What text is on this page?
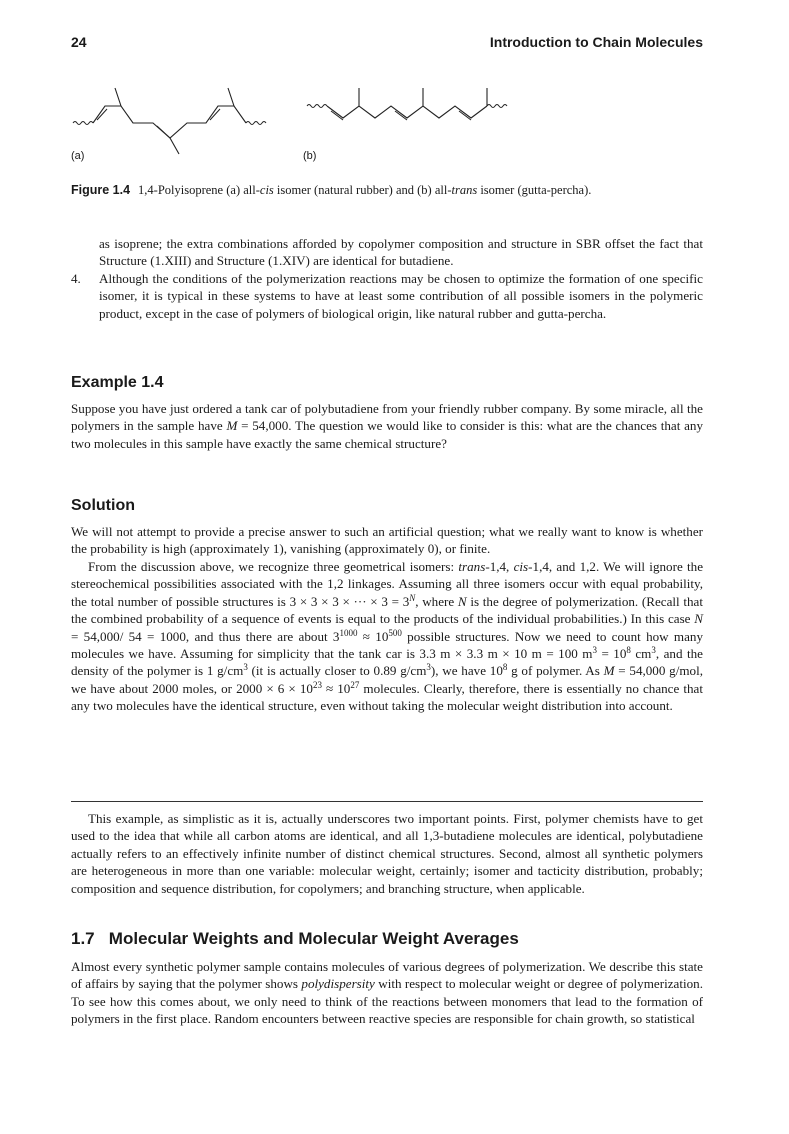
24	Introduction to Chain Molecules
(a)	(b)
Figure 1.4 1,4-Polyisoprene (a) all-cis isomer (natural rubber) and (b) all-trans isomer (gutta-percha).
as isoprene; the extra combinations afforded by copolymer composition and structure in SBR offset the fact that Structure (1.XIII) and Structure (1.XIV) are identical for butadiene.
4. Although the conditions of the polymerization reactions may be chosen to optimize the formation of one specific isomer, it is typical in these systems to have at least some contribution of all possible isomers in the polymeric product, except in the case of polymers of biological origin, like natural rubber and gutta-percha.
Example 1.4

Suppose you have just ordered a tank car of polybutadiene from your friendly rubber company. By some miracle, all the polymers in the sample have M = 54,000. The question we would like to consider is this: what are the chances that any two molecules in this sample have exactly the same chemical structure?

Solution

We will not attempt to provide a precise answer to such an artificial question; what we really want to know is whether the probability is high (approximately 1), vanishing (approximately 0), or finite.

From the discussion above, we recognize three geometrical isomers: trans-1,4, cis-1,4, and 1,2. We will ignore the stereochemical possibilities associated with the 1,2 linkages. Assuming all three isomers occur with equal probability, the total number of possible structures is 3 × 3 × 3 × ··· × $3 = 3^N$, where N is the degree of polymerization. (Recall that the combined probability of a sequence of events is equal to the products of the individual probabilities.) In this case N = 54,000/ 54 = 1000, and thus there are about $3^{1000} \approx 10^{500}$ possible structures. Now we need to count how many molecules we have. Assuming for simplicity that the tank car is 3.3 m × 3.3 m × 10 m = 100 $m^3 = 10^8$ $cm^3$, and the density of the polymer is 1 $g/cm^3$ (it is actually closer to 0.89 $g/cm^3$), we have $10^8$ g of polymer. As M = 54,000 g/mol, we have about 2000 moles, or $2000 \times 6 \times 10^{23} \approx 10^{27}$ molecules. Clearly, therefore, there is essentially no chance that any two molecules have the identical structure, even without taking the molecular weight distribution into account.

This example, as simplistic as it is, actually underscores two important points. First, polymer chemists have to get used to the idea that while all carbon atoms are identical, and all 1,3-butadiene molecules are identical, polybutadiene actually refers to an effectively infinite number of distinct chemical structures. Second, almost all synthetic polymers are heterogeneous in more than one variable: molecular weight, certainly; isomer and tacticity distribution, probably; composition and sequence distribution, for copolymers; and branching structure, when applicable.

1.7   Molecular Weights and Molecular Weight Averages

Almost every synthetic polymer sample contains molecules of various degrees of polymerization. We describe this state of affairs by saying that the polymer shows polydispersity with respect to molecular weight or degree of polymerization. To see how this comes about, we only need to think of the reactions between monomers that lead to the formation of polymers in the first place. Random encounters between reactive species are responsible for chain growth, so statistical
